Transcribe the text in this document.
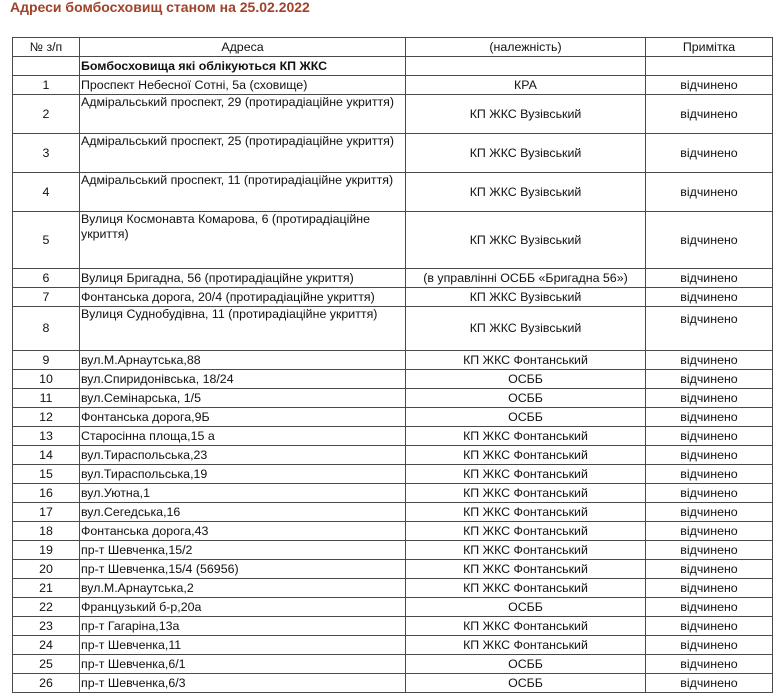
Адреси бомбосховищ станом на 25.02.2022
№ з/п	Адреса	(належність)	Примітка
	Бомбосховища які облікуються КП ЖКС		
1	Проспект Небесної Сотні, 5а (сховище)	КРА	відчинено
2	Адміральський проспект, 29 (протирадіаційне укриття)	КП ЖКС Вузівський	відчинено
3	Адміральський проспект, 25 (протирадіаційне укриття)	КП ЖКС Вузівський	відчинено
4	Адміральський проспект, 11 (протирадіаційне укриття)	КП ЖКС Вузівський	відчинено
5	Вулиця Космонавта Комарова, 6 (протирадіаційне укриття)	КП ЖКС Вузівський	відчинено
6	Вулиця Бригадна, 56 (протирадіаційне укриття)	(в управлінні ОСББ «Бригадна 56»)	відчинено
7	Фонтанська дорога, 20/4 (протирадіаційне укриття)	КП ЖКС Вузівський	відчинено
8	Вулиця Суднобудівна, 11 (протирадіаційне укриття)	КП ЖКС Вузівський	відчинено
9	вул.М.Арнаутська,88	КП ЖКС Фонтанський	відчинено
10	вул.Спиридонівська, 18/24	ОСББ	відчинено
11	вул.Семінарська, 1/5	ОСББ	відчинено
12	Фонтанська дорога,9Б	ОСББ	відчинено
13	Старосінна площа,15 а	КП ЖКС Фонтанський	відчинено
14	вул.Тираспольська,23	КП ЖКС Фонтанський	відчинено
15	вул.Тираспольська,19	КП ЖКС Фонтанський	відчинено
16	вул.Уютна,1	КП ЖКС Фонтанський	відчинено
17	вул.Сегедська,16	КП ЖКС Фонтанський	відчинено
18	Фонтанська дорога,43	КП ЖКС Фонтанський	відчинено
19	пр-т Шевченка,15/2	КП ЖКС Фонтанський	відчинено
20	пр-т Шевченка,15/4 (56956)	КП ЖКС Фонтанський	відчинено
21	вул.М.Арнаутська,2	КП ЖКС Фонтанський	відчинено
22	Французький б-р,20а	ОСББ	відчинено
23	пр-т Гагаріна,13а	КП ЖКС Фонтанський	відчинено
24	пр-т Шевченка,11	КП ЖКС Фонтанський	відчинено
25	пр-т Шевченка,6/1	ОСББ	відчинено
26	пр-т Шевченка,6/3	ОСББ	відчинено
